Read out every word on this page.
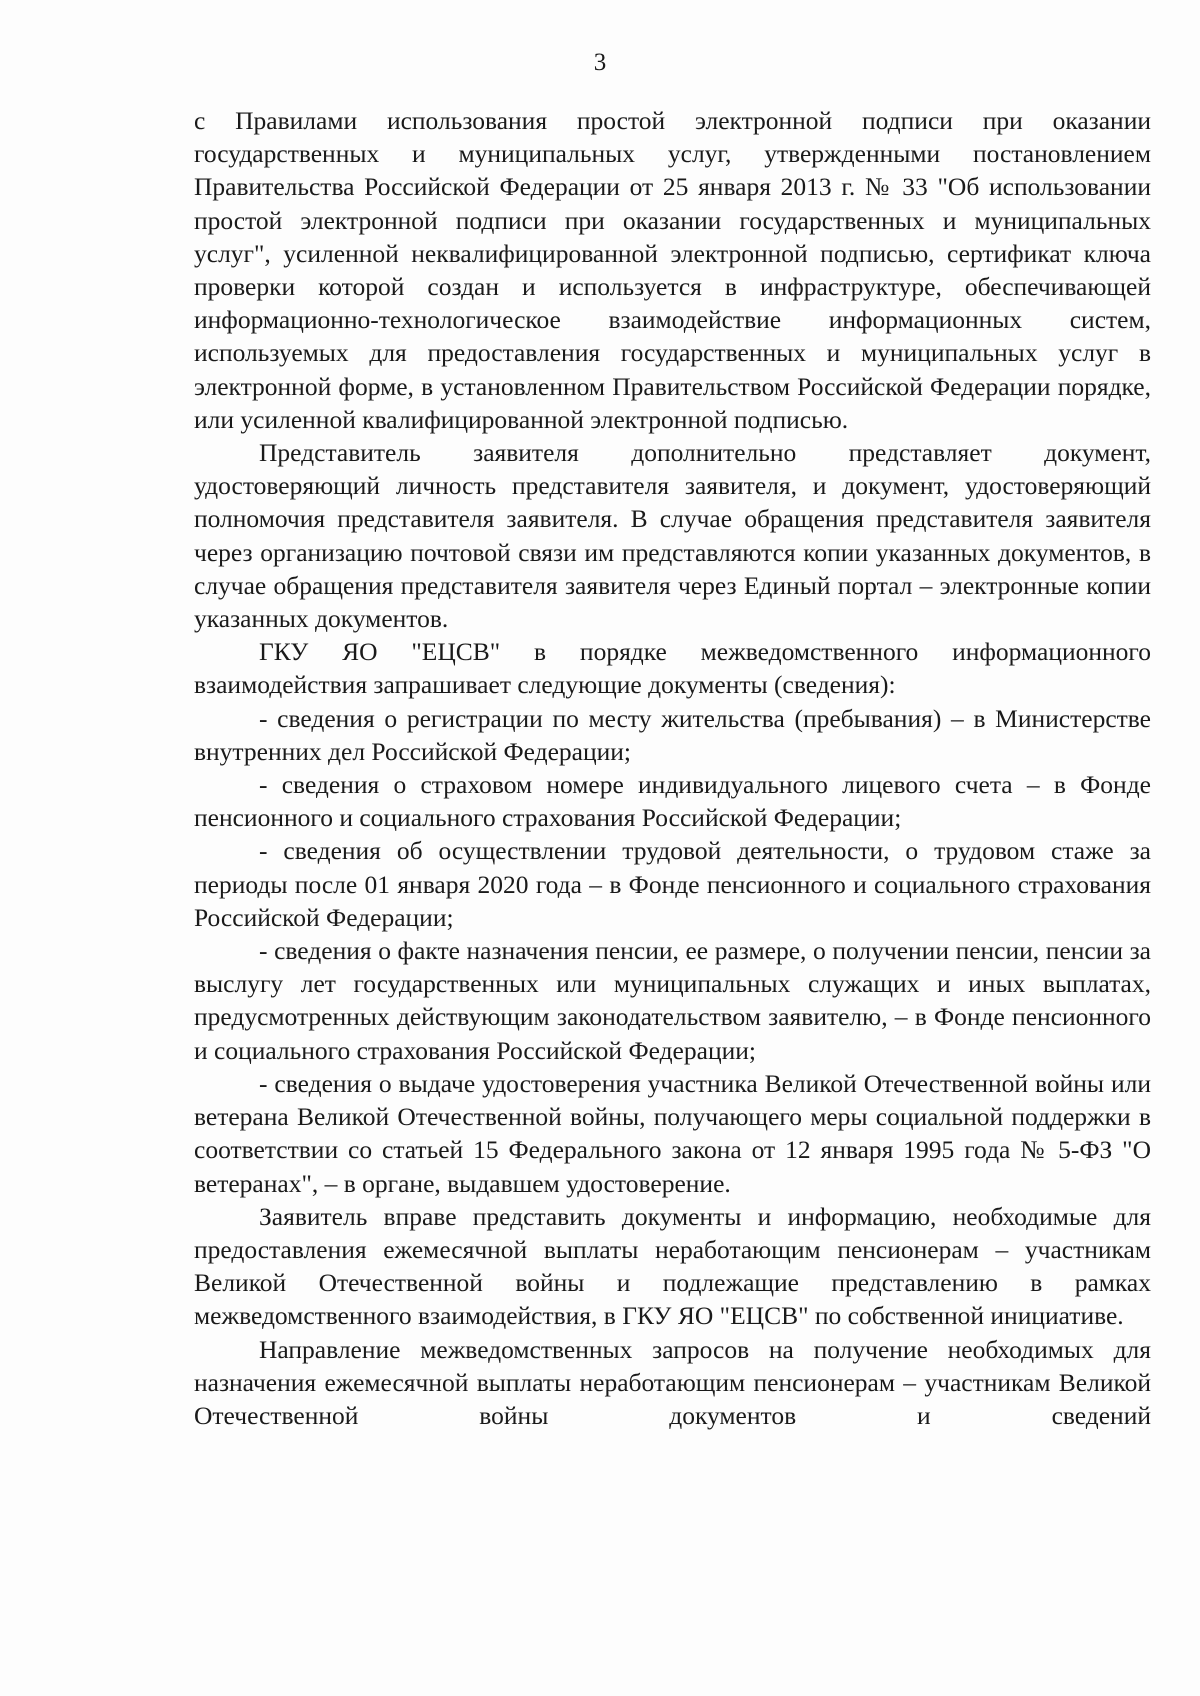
3

с Правилами использования простой электронной подписи при оказании государственных и муниципальных услуг, утвержденными постановлением Правительства Российской Федерации от 25 января 2013 г. № 33 "Об использовании простой электронной подписи при оказании государственных и муниципальных услуг", усиленной неквалифицированной электронной подписью, сертификат ключа проверки которой создан и используется в инфраструктуре, обеспечивающей информационно-технологическое взаимодействие информационных систем, используемых для предоставления государственных и муниципальных услуг в электронной форме, в установленном Правительством Российской Федерации порядке, или усиленной квалифицированной электронной подписью.

Представитель заявителя дополнительно представляет документ, удостоверяющий личность представителя заявителя, и документ, удостоверяющий полномочия представителя заявителя. В случае обращения представителя заявителя через организацию почтовой связи им представляются копии указанных документов, в случае обращения представителя заявителя через Единый портал – электронные копии указанных документов.

ГКУ ЯО "ЕЦСВ" в порядке межведомственного информационного взаимодействия запрашивает следующие документы (сведения):

- сведения о регистрации по месту жительства (пребывания) – в Министерстве внутренних дел Российской Федерации;

- сведения о страховом номере индивидуального лицевого счета – в Фонде пенсионного и социального страхования Российской Федерации;

- сведения об осуществлении трудовой деятельности, о трудовом стаже за периоды после 01 января 2020 года – в Фонде пенсионного и социального страхования Российской Федерации;

- сведения о факте назначения пенсии, ее размере, о получении пенсии, пенсии за выслугу лет государственных или муниципальных служащих и иных выплатах, предусмотренных действующим законодательством заявителю, – в Фонде пенсионного и социального страхования Российской Федерации;

- сведения о выдаче удостоверения участника Великой Отечественной войны или ветерана Великой Отечественной войны, получающего меры социальной поддержки в соответствии со статьей 15 Федерального закона от 12 января 1995 года № 5-ФЗ "О ветеранах", – в органе, выдавшем удостоверение.

Заявитель вправе представить документы и информацию, необходимые для предоставления ежемесячной выплаты неработающим пенсионерам – участникам Великой Отечественной войны и подлежащие представлению в рамках межведомственного взаимодействия, в ГКУ ЯО "ЕЦСВ" по собственной инициативе.

Направление межведомственных запросов на получение необходимых для назначения ежемесячной выплаты неработающим пенсионерам – участникам Великой Отечественной войны документов и сведений
